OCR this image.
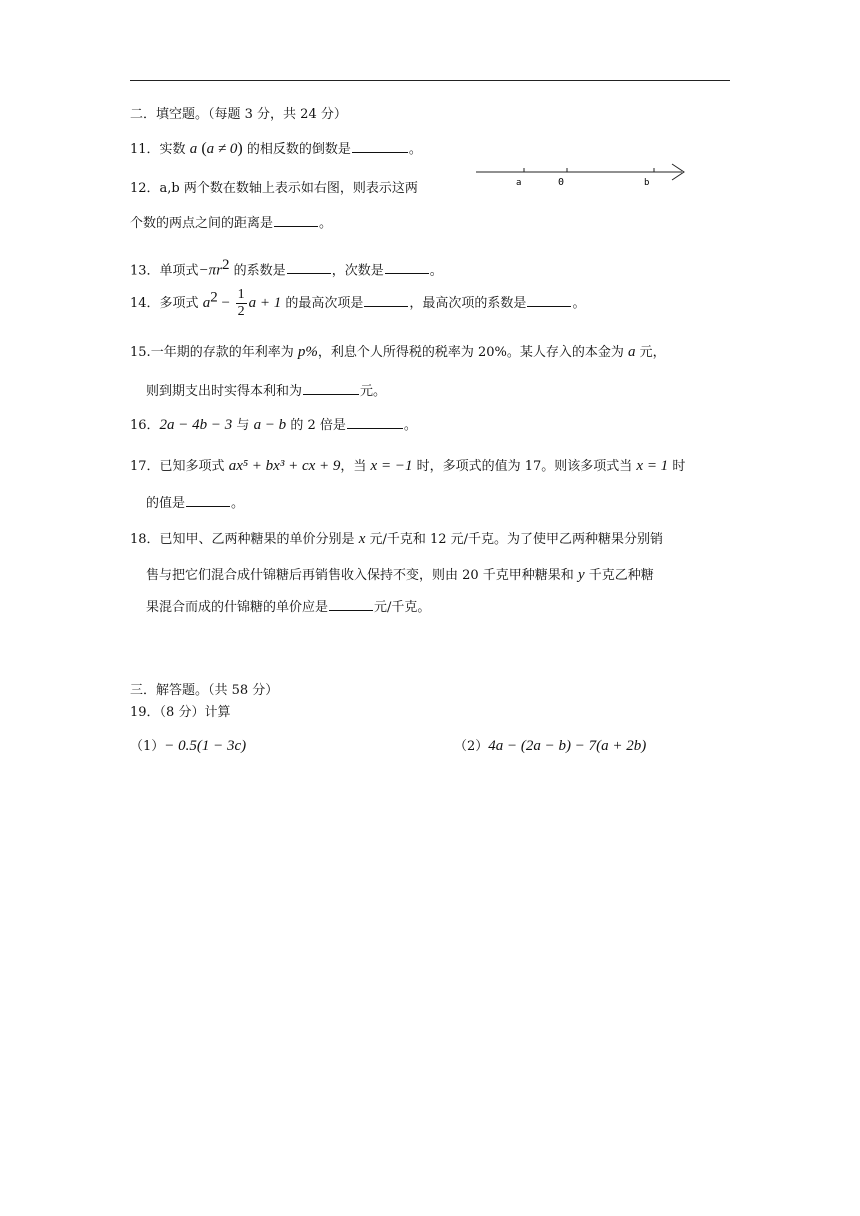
二．填空题。（每题 3 分，共 24 分）
11．实数 a (a ≠ 0) 的相反数的倒数是	。
12．a,b 两个数在数轴上表示如右图，则表示这两
个数的两点之间的距离是	。
a	0	b
13．单项式$-\pi r^2$ 的系数是	，次数是	。
14．多项式 $a^2 - \frac{1}{2}$ a + 1 的最高次项是	，最高次项的系数是	。
15.一年期的存款的年利率为 p%，利息个人所得税的税率为 20%。某人存入的本金为 a 元，
则到期支出时实得本利和为	元。
16．2a − 4b − 3 与 a − b 的 2 倍是	。
17．已知多项式 ax⁵ + bx³ + cx + 9，当 x = −1 时，多项式的值为 17。则该多项式当 x = 1 时
的值是	。
18．已知甲、乙两种糖果的单价分别是 x 元/千克和 12 元/千克。为了使甲乙两种糖果分别销
售与把它们混合成什锦糖后再销售收入保持不变，则由 20 千克甲种糖果和 y 千克乙种糖
果混合而成的什锦糖的单价应是	元/千克。
三．解答题。（共 58 分）
19．（8 分）计算
（1）− 0.5(1 − 3c)	（2）4a − (2a − b) − 7(a + 2b)
